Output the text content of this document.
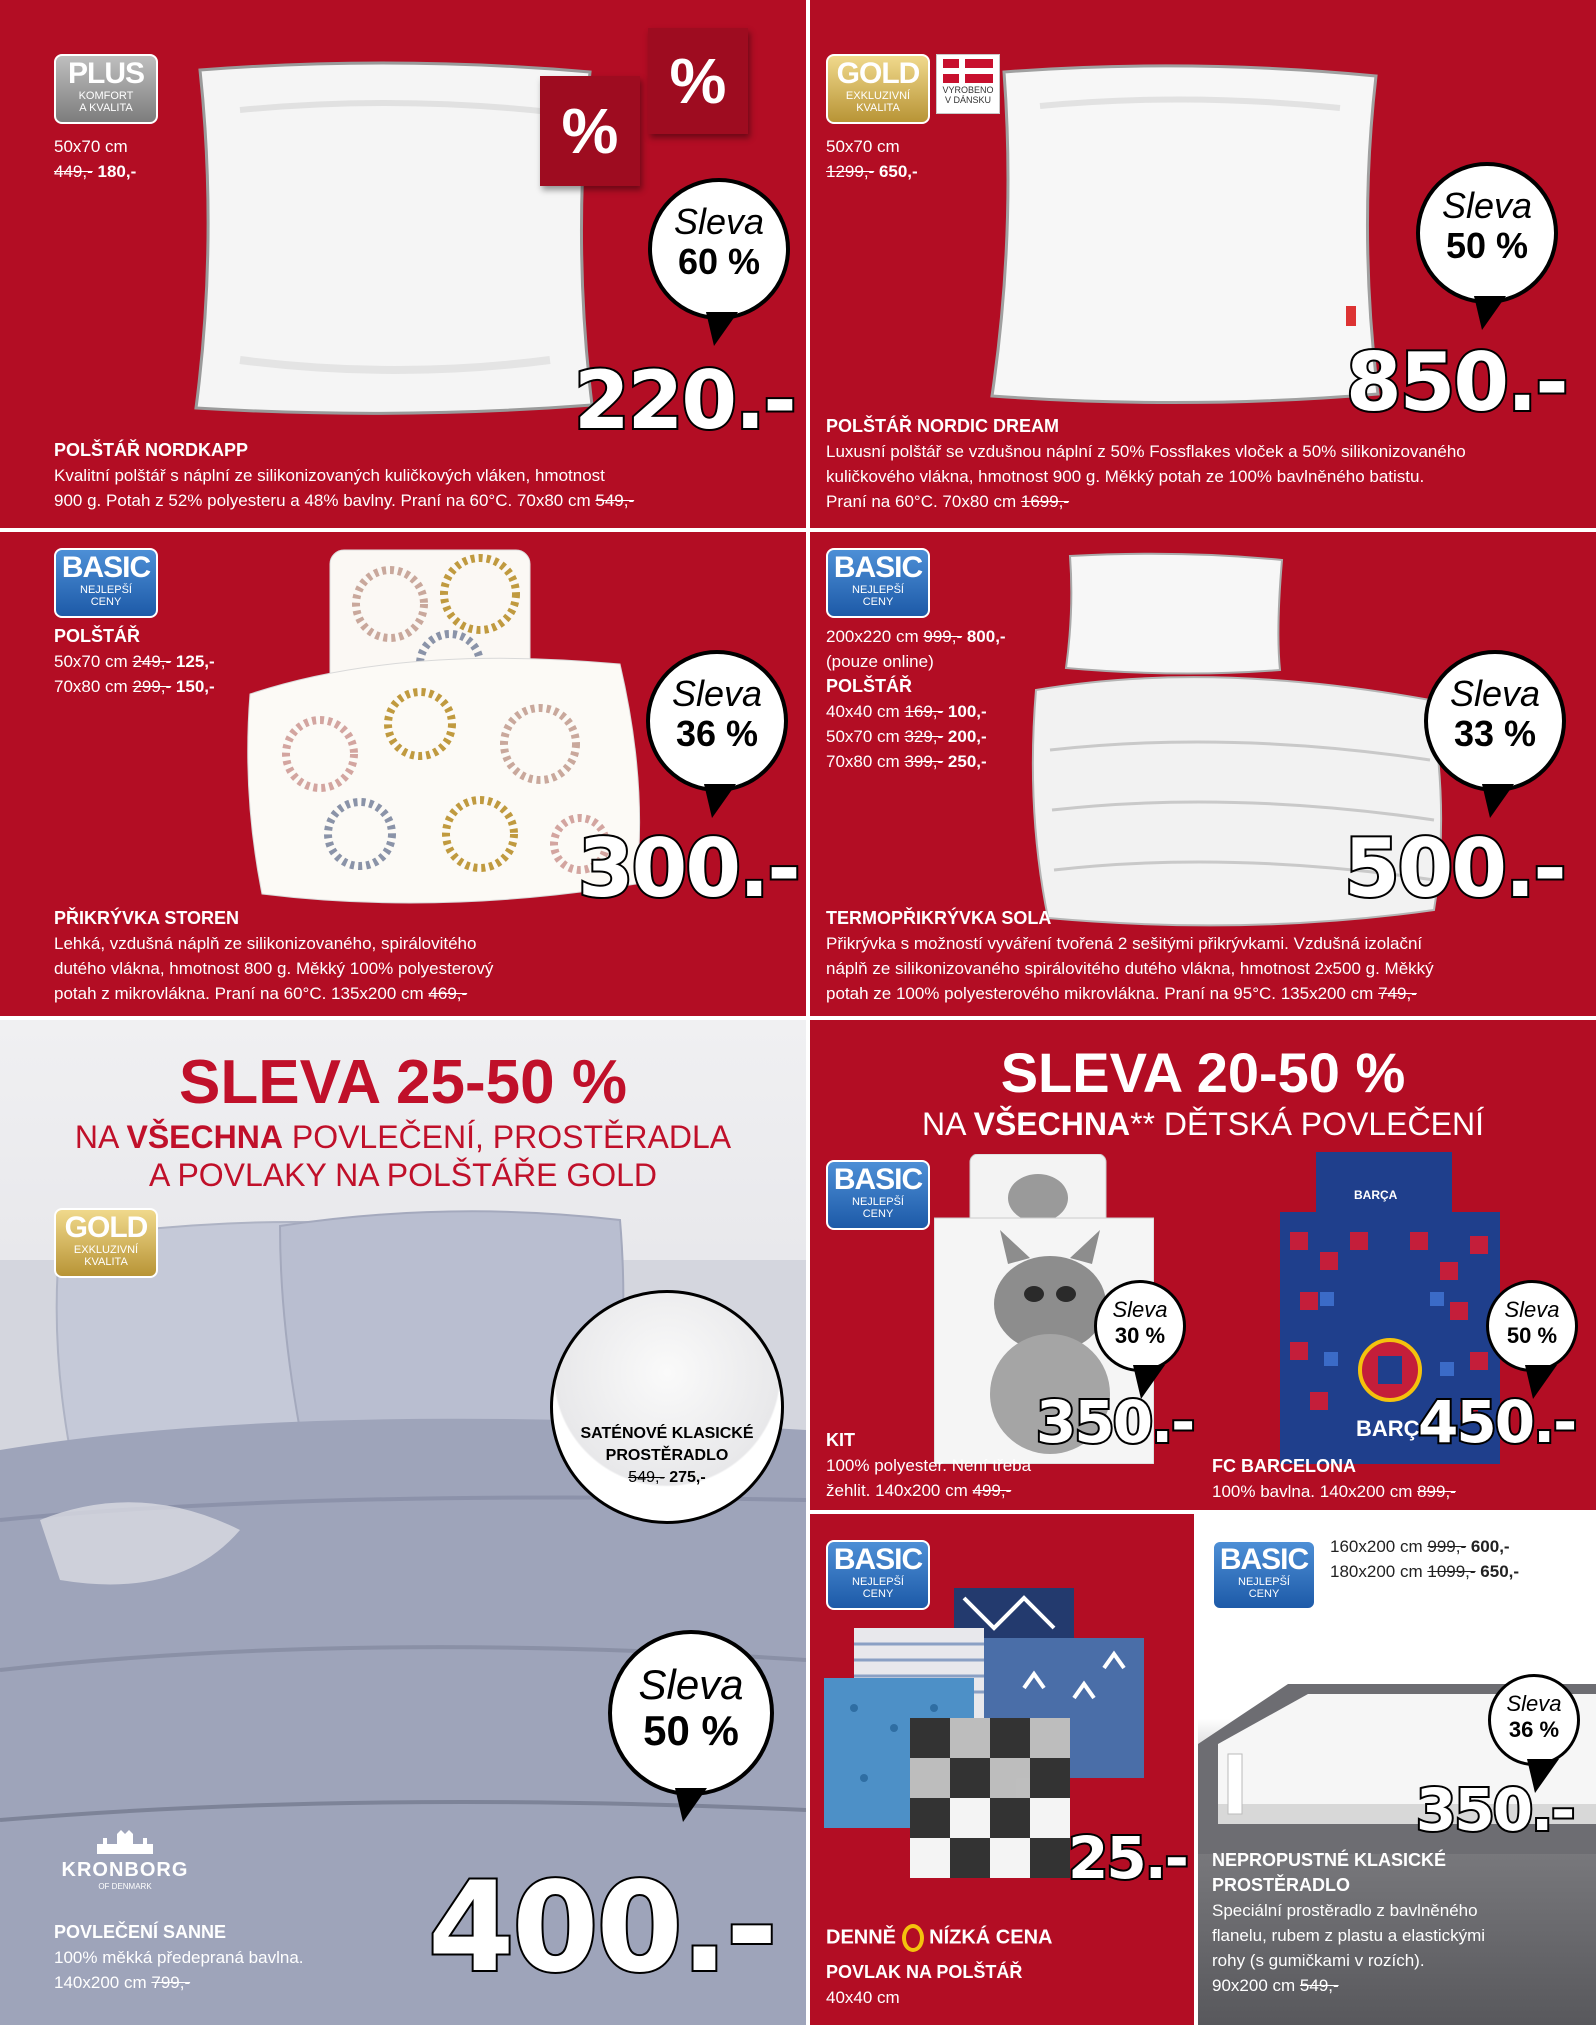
PLUS
KOMFORT
A KVALITA
50x70 cm
449,- 180,-
%
%
Sleva
60 %
220.-
POLŠTÁŘ NORDKAPP
Kvalitní polštář s náplní ze silikonizovaných kuličkových vláken, hmotnost
900 g. Potah z 52% polyesteru a 48% bavlny. Praní na 60°C. 70x80 cm 549,-
GOLD
EXKLUZIVNÍ
KVALITA
VYROBENO
V DÁNSKU
50x70 cm
1299,- 650,-
Sleva
50 %
850.-
POLŠTÁŘ NORDIC DREAM
Luxusní polštář se vzdušnou náplní z 50% Fossflakes vloček a 50% silikonizovaného
kuličkového vlákna, hmotnost 900 g. Měkký potah ze 100% bavlněného batistu.
Praní na 60°C. 70x80 cm 1699,-
BASIC
NEJLEPŠÍ
CENY
POLŠTÁŘ
50x70 cm 249,- 125,-
70x80 cm 299,- 150,-	Sleva
36 %
300.-
PŘIKRÝVKA STOREN
Lehká, vzdušná náplň ze silikonizovaného, spirálovitého
dutého vlákna, hmotnost 800 g. Měkký 100% polyesterový
potah z mikrovlákna. Praní na 60°C. 135x200 cm 469,-
BASIC
NEJLEPŠÍ
CENY
200x220 cm 999,- 800,-
(pouze online)
POLŠTÁŘ
40x40 cm 169,- 100,-
50x70 cm 329,- 200,-
70x80 cm 399,- 250,-
Sleva
33 %
500.-
TERMOPŘIKRÝVKA SOLA
Přikrývka s možností vyváření tvořená 2 sešitými přikrývkami. Vzdušná izolační
náplň ze silikonizovaného spirálovitého dutého vlákna, hmotnost 2x500 g. Měkký
potah ze 100% polyesterového mikrovlákna. Praní na 95°C. 135x200 cm 749,-
SLEVA 25-50 %
NA VŠECHNA POVLEČENÍ, PROSTĚRADLA
A POVLAKY NA POLŠTÁŘE GOLD
GOLD
EXKLUZIVNÍ
KVALITA
SATÉNOVÉ KLASICKÉ
PROSTĚRADLO
549,- 275,-
Sleva
50 %
KRONBORG
OF DENMARK	400.-
POVLEČENÍ SANNE
100% měkká předepraná bavlna.
140x200 cm 799,-
SLEVA 20-50 %
NA VŠECHNA** DĚTSKÁ POVLEČENÍ
BASIC
NEJLEPŠÍ
CENY
Sleva
30 %
350.-
KIT
100% polyester. Není třeba
žehlit. 140x200 cm 499,-
BARÇA
BARÇA
Sleva
50 %
450.-
FC BARCELONA
100% bavlna. 140x200 cm 899,-
BASIC
NEJLEPŠÍ
CENY
25.-
DENNĚ NÍZKÁ CENA
POVLAK NA POLŠTÁŘ
40x40 cm
BASIC
NEJLEPŠÍ
CENY
160x200 cm 999,- 600,-
180x200 cm 1099,- 650,-
Sleva
36 %
350.-
NEPROPUSTNÉ KLASICKÉ
PROSTĚRADLO
Speciální prostěradlo z bavlněného
flanelu, rubem z plastu a elastickými
rohy (s gumičkami v rozích).
90x200 cm 549,-
